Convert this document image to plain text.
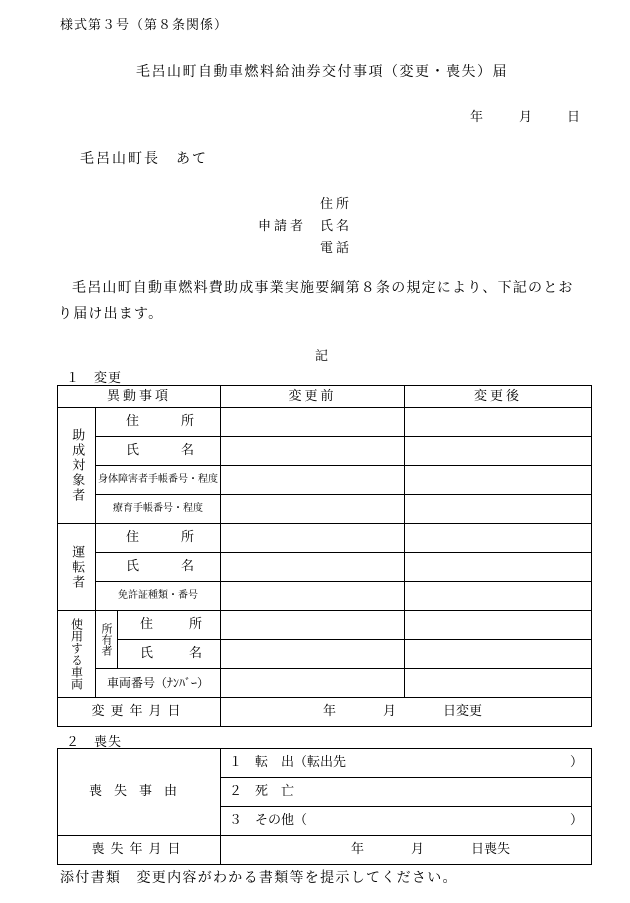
様式第３号（第８条関係）
毛呂山町自動車燃料給油券交付事項（変更・喪失）届
年	月	日
毛呂山町長　あて
住所
申請者 氏名
電話
毛呂山町自動車燃料費助成事業実施要綱第８条の規定により、下記のとおり届け出ます。
記
１　変更
異動事項			変更前	変更後

助成対象者	住 所			

	氏 名			

	身体障害者手帳番号・程度			
	療育手帳番号・程度			

運転者	住 所			

	氏 名			

	免許証種類・番号			

使用する車両	所有者	住 所		

		氏 名		

	車両番号（ﾅﾝﾊﾞｰ）			
変更年月日			年 月 日変更	
２　喪失
喪失事由	１　 転　出（転出先 ）

	２　 死　亡

	３　 その他（ ）

喪失年月日	年 月 日喪失
添付書類　変更内容がわかる書類等を提示してください。
